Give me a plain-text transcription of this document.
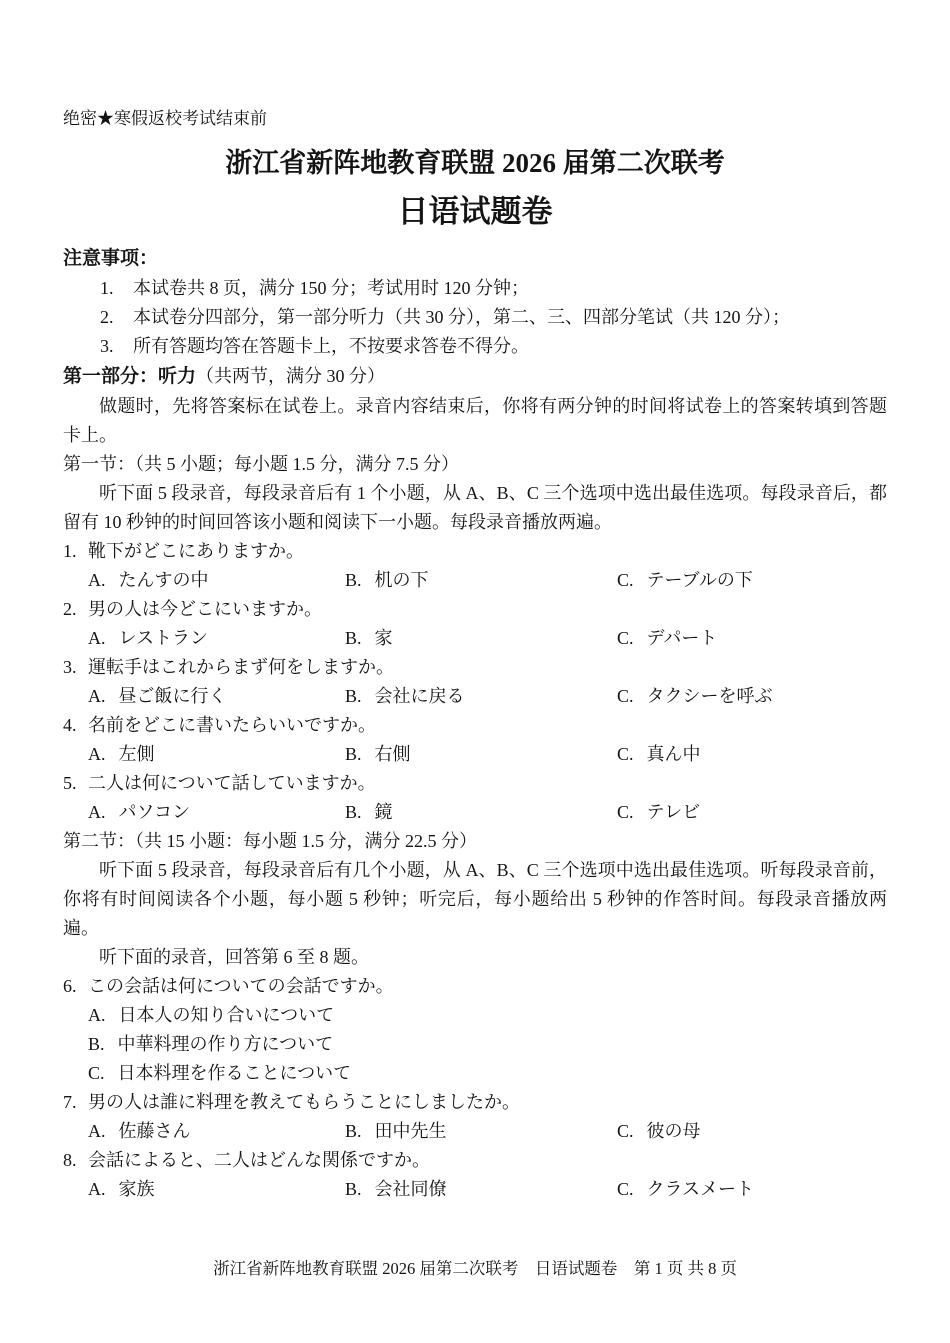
绝密★寒假返校考试结束前
浙江省新阵地教育联盟 2026 届第二次联考
日语试题卷
注意事项：
1.	本试卷共 8 页，满分 150 分；考试用时 120 分钟；
2.	本试卷分四部分，第一部分听力（共 30 分），第二、三、四部分笔试（共 120 分）；
3.	所有答题均答在答题卡上，不按要求答卷不得分。
第一部分：听力（共两节，满分 30 分）

做题时，先将答案标在试卷上。录音内容结束后，你将有两分钟的时间将试卷上的答案转填到答题卡上。

第一节：（共 5 小题；每小题 1.5 分，满分 7.5 分）

听下面 5 段录音，每段录音后有 1 个小题，从 A、B、C 三个选项中选出最佳选项。每段录音后，都留有 10 秒钟的时间回答该小题和阅读下一小题。每段录音播放两遍。

1. 靴下がどこにありますか。
A. たんすの中	B. 机の下	C. テーブルの下
2. 男の人は今どこにいますか。
A. レストラン	B. 家	C. デパート
3. 運転手はこれからまず何をしますか。
A. 昼ご飯に行く	B. 会社に戻る	C. タクシーを呼ぶ
4. 名前をどこに書いたらいいですか。
A. 左側	B. 右側	C. 真ん中
5. 二人は何について話していますか。
A. パソコン	B. 鏡	C. テレビ
第二节：（共 15 小题：每小题 1.5 分，满分 22.5 分）

听下面 5 段录音，每段录音后有几个小题，从 A、B、C 三个选项中选出最佳选项。听每段录音前，你将有时间阅读各个小题，每小题 5 秒钟；听完后，每小题给出 5 秒钟的作答时间。每段录音播放两遍。

听下面的录音，回答第 6 至 8 题。

6. この会話は何についての会話ですか。
A. 日本人の知り合いについて
B. 中華料理の作り方について
C. 日本料理を作ることについて
7. 男の人は誰に料理を教えてもらうことにしましたか。
A. 佐藤さん	B. 田中先生	C. 彼の母
8. 会話によると、二人はどんな関係ですか。
A. 家族	B. 会社同僚	C. クラスメート
浙江省新阵地教育联盟 2026 届第二次联考　日语试题卷　第 1 页 共 8 页
